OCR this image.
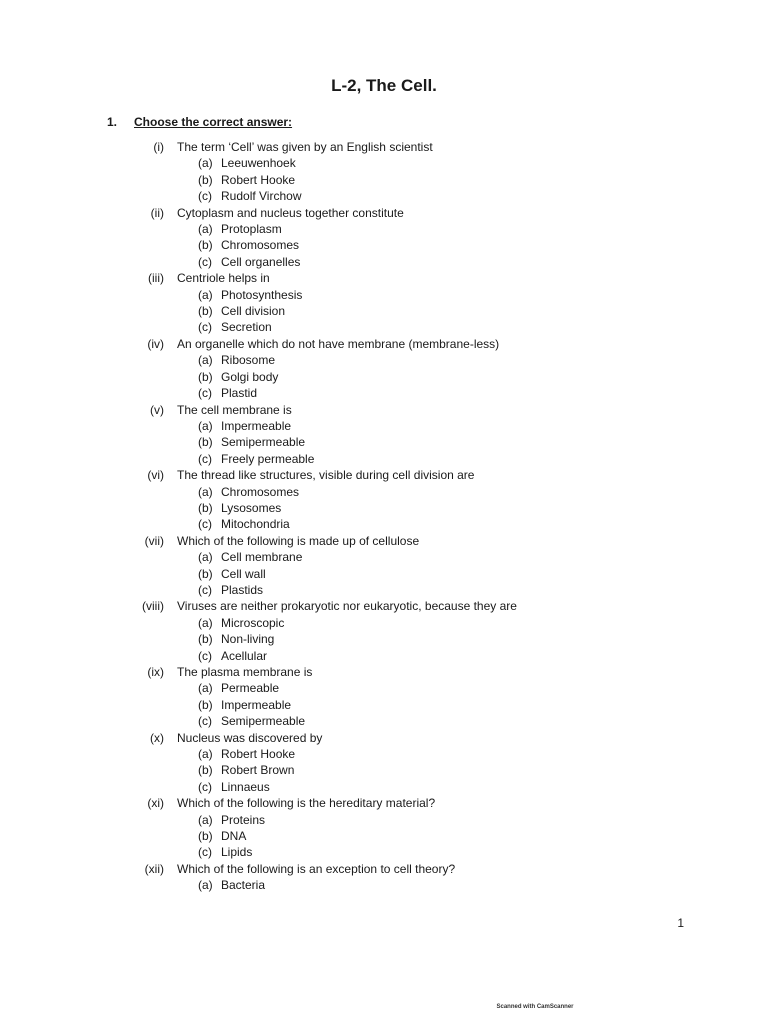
L-2, The Cell.
1. Choose the correct answer:
(i) The term ‘Cell’ was given by an English scientist
(a) Leeuwenhoek
(b) Robert Hooke
(c) Rudolf Virchow
(ii) Cytoplasm and nucleus together constitute
(a) Protoplasm
(b) Chromosomes
(c) Cell organelles
(iii) Centriole helps in
(a) Photosynthesis
(b) Cell division
(c) Secretion
(iv) An organelle which do not have membrane (membrane-less)
(a) Ribosome
(b) Golgi body
(c) Plastid
(v) The cell membrane is
(a) Impermeable
(b) Semipermeable
(c) Freely permeable
(vi) The thread like structures, visible during cell division are
(a) Chromosomes
(b) Lysosomes
(c) Mitochondria
(vii) Which of the following is made up of cellulose
(a) Cell membrane
(b) Cell wall
(c) Plastids
(viii) Viruses are neither prokaryotic nor eukaryotic, because they are
(a) Microscopic
(b) Non-living
(c) Acellular
(ix) The plasma membrane is
(a) Permeable
(b) Impermeable
(c) Semipermeable
(x) Nucleus was discovered by
(a) Robert Hooke
(b) Robert Brown
(c) Linnaeus
(xi) Which of the following is the hereditary material?
(a) Proteins
(b) DNA
(c) Lipids
(xii) Which of the following is an exception to cell theory?
(a) Bacteria
1
Scanned with CamScanner
